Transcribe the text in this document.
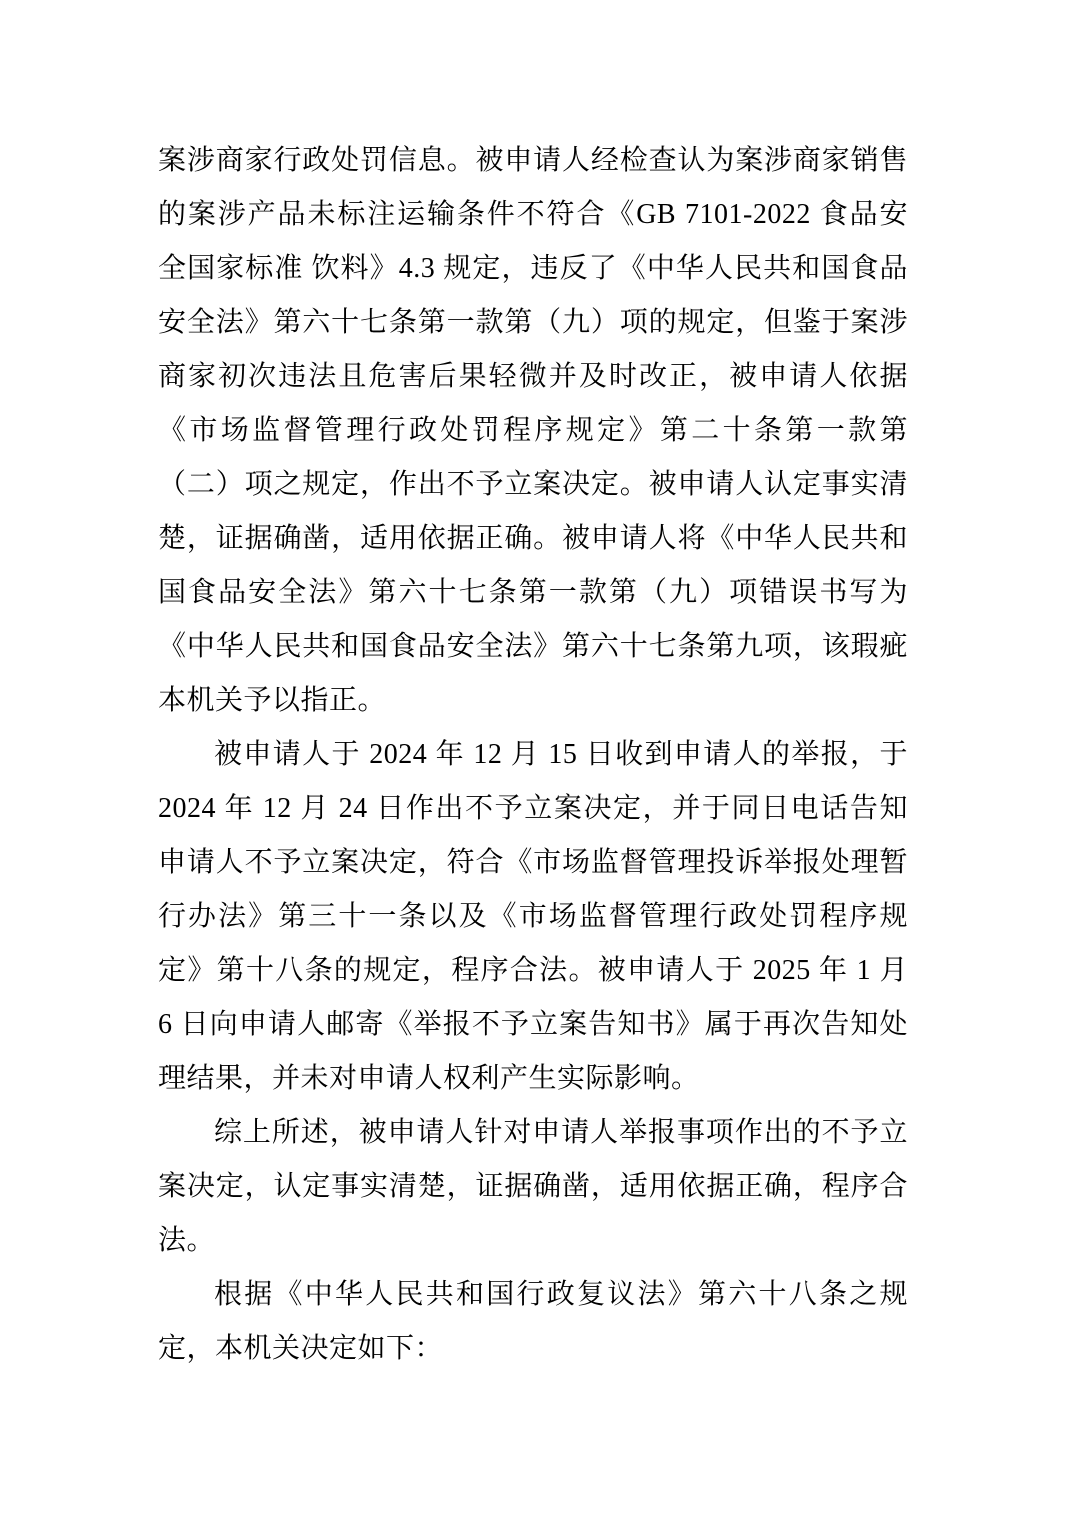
案涉商家行政处罚信息。被申请人经检查认为案涉商家销售的案涉产品未标注运输条件不符合《GB 7101-2022 食品安全国家标准 饮料》4.3 规定，违反了《中华人民共和国食品安全法》第六十七条第一款第（九）项的规定，但鉴于案涉商家初次违法且危害后果轻微并及时改正，被申请人依据《市场监督管理行政处罚程序规定》第二十条第一款第（二）项之规定，作出不予立案决定。被申请人认定事实清楚，证据确凿，适用依据正确。被申请人将《中华人民共和国食品安全法》第六十七条第一款第（九）项错误书写为《中华人民共和国食品安全法》第六十七条第九项，该瑕疵本机关予以指正。

被申请人于 2024 年 12 月 15 日收到申请人的举报，于 2024 年 12 月 24 日作出不予立案决定，并于同日电话告知申请人不予立案决定，符合《市场监督管理投诉举报处理暂行办法》第三十一条以及《市场监督管理行政处罚程序规定》第十八条的规定，程序合法。被申请人于 2025 年 1 月 6 日向申请人邮寄《举报不予立案告知书》属于再次告知处理结果，并未对申请人权利产生实际影响。

综上所述，被申请人针对申请人举报事项作出的不予立案决定，认定事实清楚，证据确凿，适用依据正确，程序合法。

根据《中华人民共和国行政复议法》第六十八条之规定，本机关决定如下：
